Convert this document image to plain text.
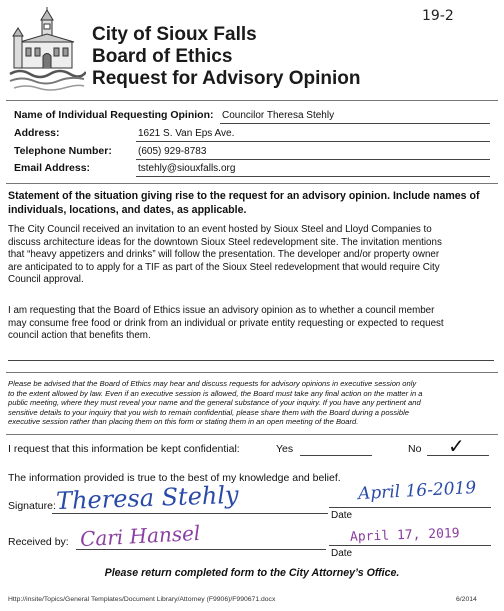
19-2
City of Sioux Falls
Board of Ethics
Request for Advisory Opinion
Name of Individual Requesting Opinion: Councilor Theresa Stehly
Address:	1621 S. Van Eps Ave.
Telephone Number:	(605) 929-8783
Email Address:	tstehly@siouxfalls.org
Statement of the situation giving rise to the request for an advisory opinion. Include names of
individuals, locations, and dates, as applicable.
The City Council received an invitation to an event hosted by Sioux Steel and Lloyd Companies to
discuss architecture ideas for the downtown Sioux Steel redevelopment site. The invitation mentions
that “heavy appetizers and drinks” will follow the presentation. The developer and/or property owner
are anticipated to to apply for a TIF as part of the Sioux Steel redevelopment that would require City
Council approval.
I am requesting that the Board of Ethics issue an advisory opinion as to whether a council member
may consume free food or drink from an individual or private entity requesting or expected to request
council action that benefits them.
Please be advised that the Board of Ethics may hear and discuss requests for advisory opinions in executive session only
to the extent allowed by law. Even if an executive session is allowed, the Board must take any final action on the matter in a
public meeting, where they must reveal your name and the general substance of your inquiry. If you have any pertinent and
sensitive details to your inquiry that you wish to remain confidential, please share them with the Board during a possible
executive session rather than placing them on this form or stating them in an open meeting of the Board.
I request that this information be kept confidential:	Yes	No ✓
The information provided is true to the best of my knowledge and belief.
Signature: Theresa Stehly
Date
April 16-2019
Received by: Cari Hansel
Date
April 17, 2019
Please return completed form to the City Attorney’s Office.
Http://insite/Topics/General Templates/Document Library/Attorney (F9906)/F990671.docx	6/2014
